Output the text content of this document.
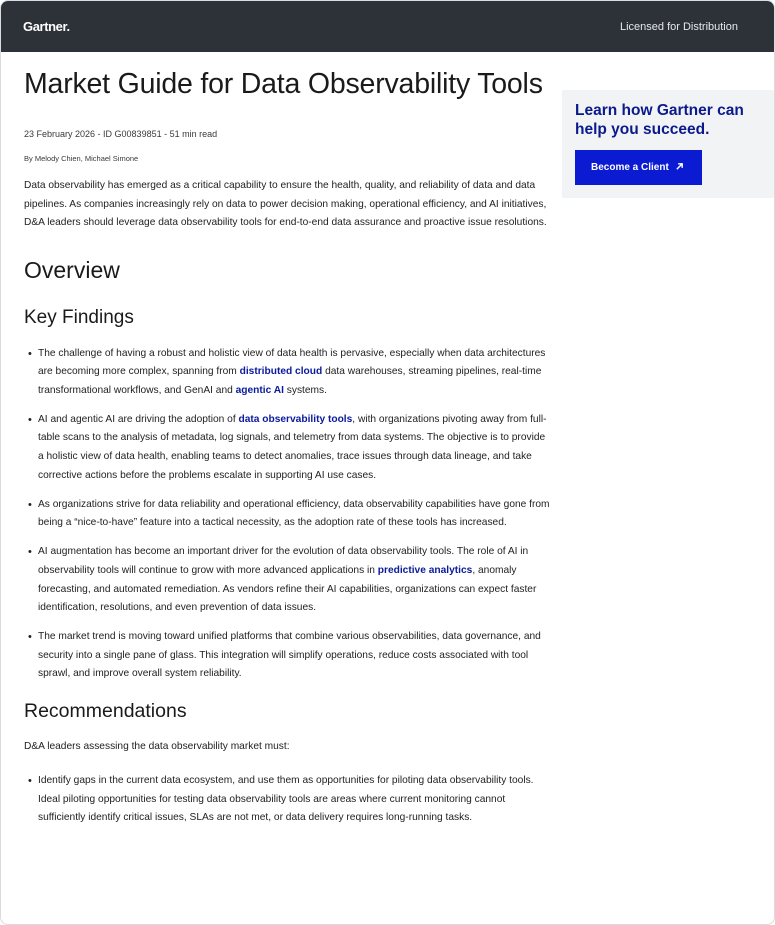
Gartner.	Licensed for Distribution
Market Guide for Data Observability Tools
23 February 2026 - ID G00839851 - 51 min read
By Melody Chien, Michael Simone

Data observability has emerged as a critical capability to ensure the health, quality, and reliability of data and data pipelines. As companies increasingly rely on data to power decision making, operational efficiency, and AI initiatives, D&A leaders should leverage data observability tools for end-to-end data assurance and proactive issue resolutions.

Overview
Key Findings
• The challenge of having a robust and holistic view of data health is pervasive, especially when data architectures are becoming more complex, spanning from distributed cloud data warehouses, streaming pipelines, real-time transformational workflows, and GenAI and agentic AI systems.
• AI and agentic AI are driving the adoption of data observability tools, with organizations pivoting away from full-table scans to the analysis of metadata, log signals, and telemetry from data systems. The objective is to provide a holistic view of data health, enabling teams to detect anomalies, trace issues through data lineage, and take corrective actions before the problems escalate in supporting AI use cases.
• As organizations strive for data reliability and operational efficiency, data observability capabilities have gone from being a “nice-to-have” feature into a tactical necessity, as the adoption rate of these tools has increased.
• AI augmentation has become an important driver for the evolution of data observability tools. The role of AI in observability tools will continue to grow with more advanced applications in predictive analytics, anomaly forecasting, and automated remediation. As vendors refine their AI capabilities, organizations can expect faster identification, resolutions, and even prevention of data issues.
• The market trend is moving toward unified platforms that combine various observabilities, data governance, and security into a single pane of glass. This integration will simplify operations, reduce costs associated with tool sprawl, and improve overall system reliability.
Recommendations

D&A leaders assessing the data observability market must:

• Identify gaps in the current data ecosystem, and use them as opportunities for piloting data observability tools. Ideal piloting opportunities for testing data observability tools are areas where current monitoring cannot sufficiently identify critical issues, SLAs are not met, or data delivery requires long-running tasks.
Learn how Gartner can help you succeed.
Become a Client
